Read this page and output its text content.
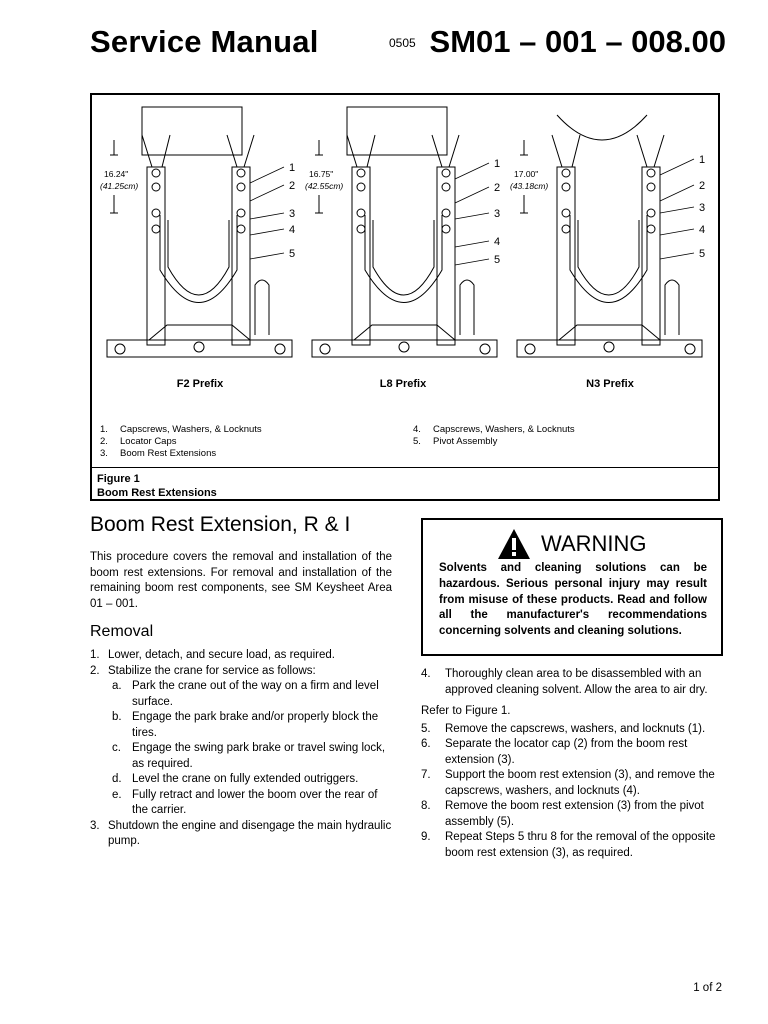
Service Manual	0505 SM01 – 001 – 008.00
16.24"
(41.25cm)
1
2
3
4
5
16.75"
(42.55cm)
1
2
3
4
5
17.00"
(43.18cm)
1
2
3
4
5
F2 Prefix	L8 Prefix	N3 Prefix
1. Capscrews, Washers, & Locknuts
2. Locator Caps
3. Boom Rest Extensions
4. Capscrews, Washers, & Locknuts
5. Pivot Assembly
Figure 1
Boom Rest Extensions
Boom Rest Extension, R & I

This procedure covers the removal and installation of the boom rest extensions. For removal and installation of the remaining boom rest components, see SM Keysheet Area 01 – 001.

Removal
1. Lower, detach, and secure load, as required.
2. Stabilize the crane for service as follows:
a. Park the crane out of the way on a firm and level surface.
b. Engage the park brake and/or properly block the tires.
c. Engage the swing park brake or travel swing lock, as required.
d. Level the crane on fully extended outriggers.
e. Fully retract and lower the boom over the rear of the carrier.
3. Shutdown the engine and disengage the main hydraulic pump.
WARNING
Solvents and cleaning solutions can be hazardous. Serious personal injury may result from misuse of these products. Read and follow all the manufacturer's recommendations concerning solvents and cleaning solutions.
4.	Thoroughly clean area to be disassembled with an approved cleaning solvent. Allow the area to air dry.
Refer to Figure 1.
5.	Remove the capscrews, washers, and locknuts (1).
6.	Separate the locator cap (2) from the boom rest extension (3).
7.	Support the boom rest extension (3), and remove the capscrews, washers, and locknuts (4).
8.	Remove the boom rest extension (3) from the pivot assembly (5).
9.	Repeat Steps 5 thru 8 for the removal of the opposite boom rest extension (3), as required.
1 of 2
